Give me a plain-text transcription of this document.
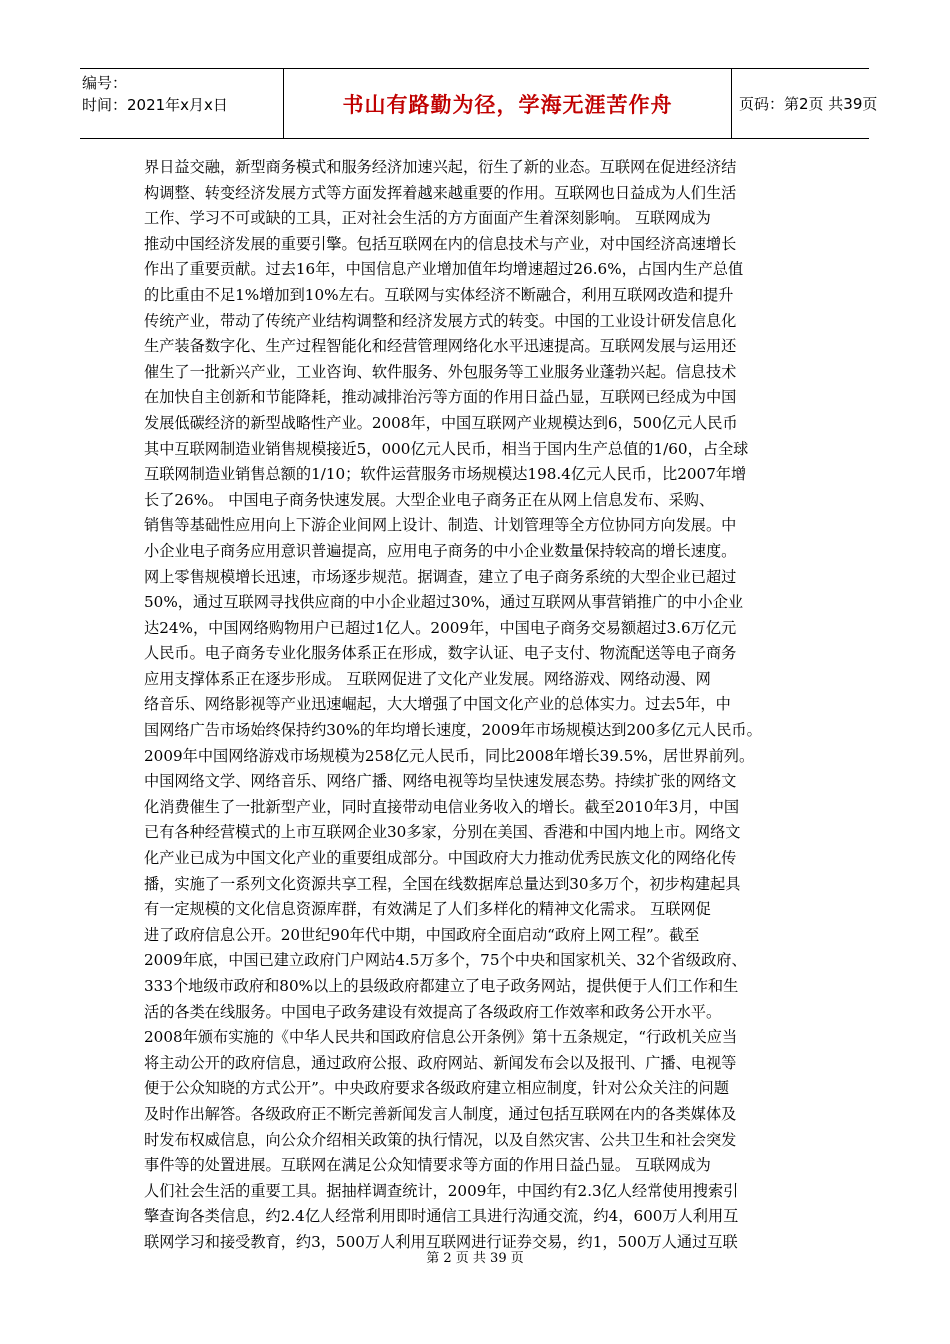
编号：
时间：2021年x月x日	书山有路勤为径，学海无涯苦作舟	页码：第2页 共39页
界日益交融，新型商务模式和服务经济加速兴起，衍生了新的业态。互联网在促进经济结
构调整、转变经济发展方式等方面发挥着越来越重要的作用。互联网也日益成为人们生活
工作、学习不可或缺的工具，正对社会生活的方方面面产生着深刻影响。 互联网成为
推动中国经济发展的重要引擎。包括互联网在内的信息技术与产业，对中国经济高速增长
作出了重要贡献。过去16年，中国信息产业增加值年均增速超过26.6%，占国内生产总值
的比重由不足1%增加到10%左右。互联网与实体经济不断融合，利用互联网改造和提升
传统产业，带动了传统产业结构调整和经济发展方式的转变。中国的工业设计研发信息化
生产装备数字化、生产过程智能化和经营管理网络化水平迅速提高。互联网发展与运用还
催生了一批新兴产业，工业咨询、软件服务、外包服务等工业服务业蓬勃兴起。信息技术
在加快自主创新和节能降耗，推动减排治污等方面的作用日益凸显，互联网已经成为中国
发展低碳经济的新型战略性产业。2008年，中国互联网产业规模达到6，500亿元人民币
其中互联网制造业销售规模接近5，000亿元人民币，相当于国内生产总值的1/60，占全球
互联网制造业销售总额的1/10；软件运营服务市场规模达198.4亿元人民币，比2007年增
长了26%。 中国电子商务快速发展。大型企业电子商务正在从网上信息发布、采购、
销售等基础性应用向上下游企业间网上设计、制造、计划管理等全方位协同方向发展。中
小企业电子商务应用意识普遍提高，应用电子商务的中小企业数量保持较高的增长速度。
网上零售规模增长迅速，市场逐步规范。据调查，建立了电子商务系统的大型企业已超过
50%，通过互联网寻找供应商的中小企业超过30%，通过互联网从事营销推广的中小企业
达24%，中国网络购物用户已超过1亿人。2009年，中国电子商务交易额超过3.6万亿元
人民币。电子商务专业化服务体系正在形成，数字认证、电子支付、物流配送等电子商务
应用支撑体系正在逐步形成。 互联网促进了文化产业发展。网络游戏、网络动漫、网
络音乐、网络影视等产业迅速崛起，大大增强了中国文化产业的总体实力。过去5年，中
国网络广告市场始终保持约30%的年均增长速度，2009年市场规模达到200多亿元人民币。
2009年中国网络游戏市场规模为258亿元人民币，同比2008年增长39.5%，居世界前列。
中国网络文学、网络音乐、网络广播、网络电视等均呈快速发展态势。持续扩张的网络文
化消费催生了一批新型产业，同时直接带动电信业务收入的增长。截至2010年3月，中国
已有各种经营模式的上市互联网企业30多家，分别在美国、香港和中国内地上市。网络文
化产业已成为中国文化产业的重要组成部分。中国政府大力推动优秀民族文化的网络化传
播，实施了一系列文化资源共享工程，全国在线数据库总量达到30多万个，初步构建起具
有一定规模的文化信息资源库群，有效满足了人们多样化的精神文化需求。 互联网促
进了政府信息公开。20世纪90年代中期，中国政府全面启动“政府上网工程”。截至
2009年底，中国已建立政府门户网站4.5万多个，75个中央和国家机关、32个省级政府、
333个地级市政府和80%以上的县级政府都建立了电子政务网站，提供便于人们工作和生
活的各类在线服务。中国电子政务建设有效提高了各级政府工作效率和政务公开水平。
2008年颁布实施的《中华人民共和国政府信息公开条例》第十五条规定，“行政机关应当
将主动公开的政府信息，通过政府公报、政府网站、新闻发布会以及报刊、广播、电视等
便于公众知晓的方式公开”。中央政府要求各级政府建立相应制度，针对公众关注的问题
及时作出解答。各级政府正不断完善新闻发言人制度，通过包括互联网在内的各类媒体及
时发布权威信息，向公众介绍相关政策的执行情况，以及自然灾害、公共卫生和社会突发
事件等的处置进展。互联网在满足公众知情要求等方面的作用日益凸显。 互联网成为
人们社会生活的重要工具。据抽样调查统计，2009年，中国约有2.3亿人经常使用搜索引
擎查询各类信息，约2.4亿人经常利用即时通信工具进行沟通交流，约4，600万人利用互
联网学习和接受教育，约3，500万人利用互联网进行证券交易，约1，500万人通过互联
第 2 页 共 39 页
